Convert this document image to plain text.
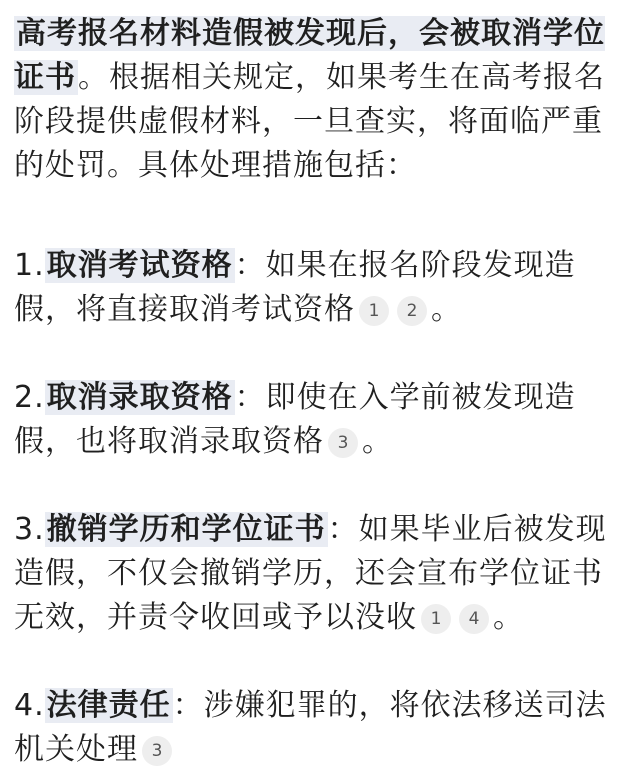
高考报名材料造假被发现后，会被取消学位证书。根据相关规定，如果考生在高考报名阶段提供虚假材料，一旦查实，将面临严重的处罚。具体处理措施包括：

1.取消考试资格：如果在报名阶段发现造假，将直接取消考试资格 1 2 。

2.取消录取资格：即使在入学前被发现造假，也将取消录取资格 3 。

3.撤销学历和学位证书：如果毕业后被发现造假，不仅会撤销学历，还会宣布学位证书无效，并责令收回或予以没收 1 4 。

4.法律责任：涉嫌犯罪的，将依法移送司法机关处理 3
